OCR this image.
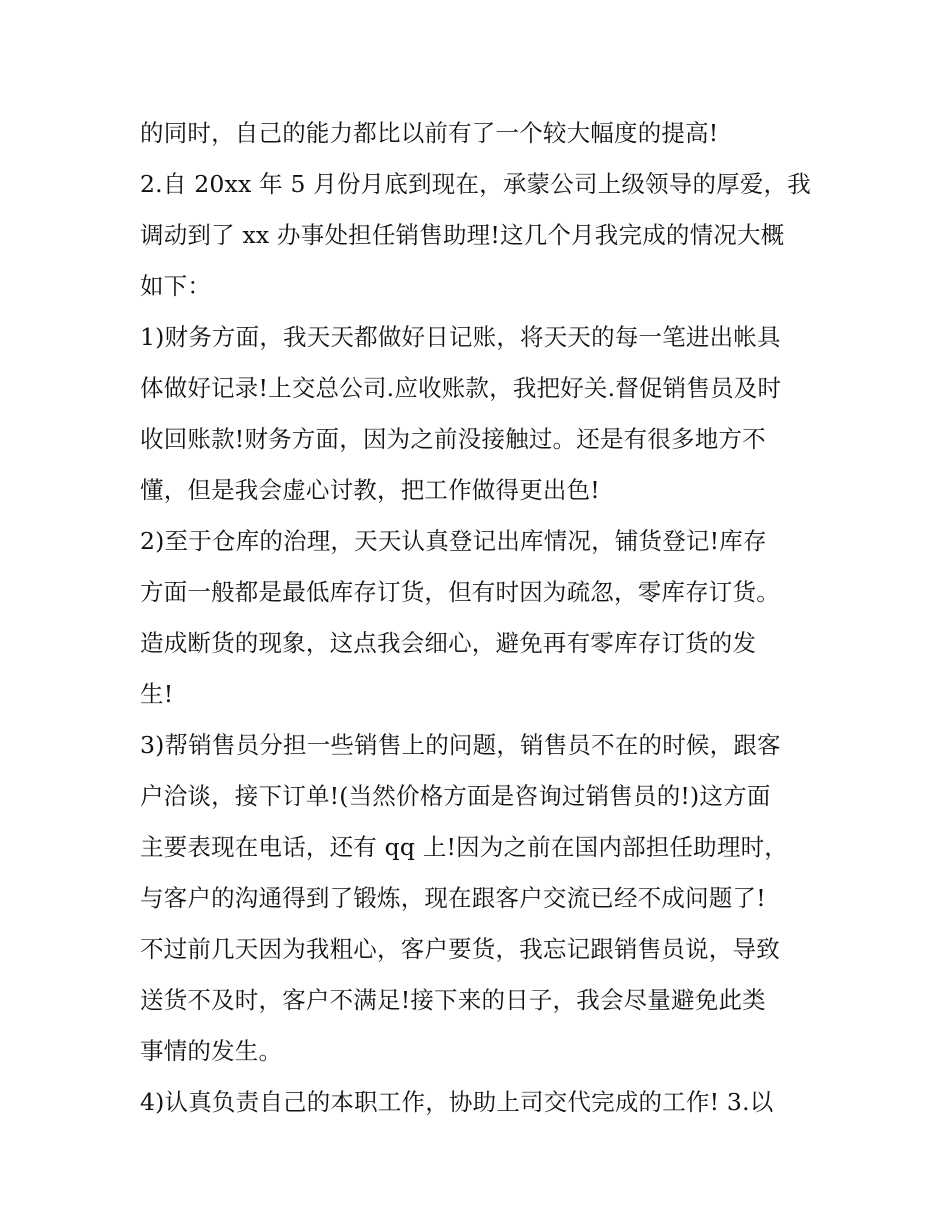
的同时，自己的能力都比以前有了一个较大幅度的提高!
2.自 20xx 年 5 月份月底到现在，承蒙公司上级领导的厚爱，我
调动到了 xx 办事处担任销售助理!这几个月我完成的情况大概
如下：
1)财务方面，我天天都做好日记账，将天天的每一笔进出帐具
体做好记录!上交总公司.应收账款，我把好关.督促销售员及时
收回账款!财务方面，因为之前没接触过。还是有很多地方不
懂，但是我会虚心讨教，把工作做得更出色!
2)至于仓库的治理，天天认真登记出库情况，铺货登记!库存
方面一般都是最低库存订货，但有时因为疏忽，零库存订货。
造成断货的现象，这点我会细心，避免再有零库存订货的发
生!
3)帮销售员分担一些销售上的问题，销售员不在的时候，跟客
户洽谈，接下订单!(当然价格方面是咨询过销售员的!)这方面
主要表现在电话，还有 qq 上!因为之前在国内部担任助理时，
与客户的沟通得到了锻炼，现在跟客户交流已经不成问题了!
不过前几天因为我粗心，客户要货，我忘记跟销售员说，导致
送货不及时，客户不满足!接下来的日子，我会尽量避免此类
事情的发生。
4)认真负责自己的本职工作，协助上司交代完成的工作! 3.以
